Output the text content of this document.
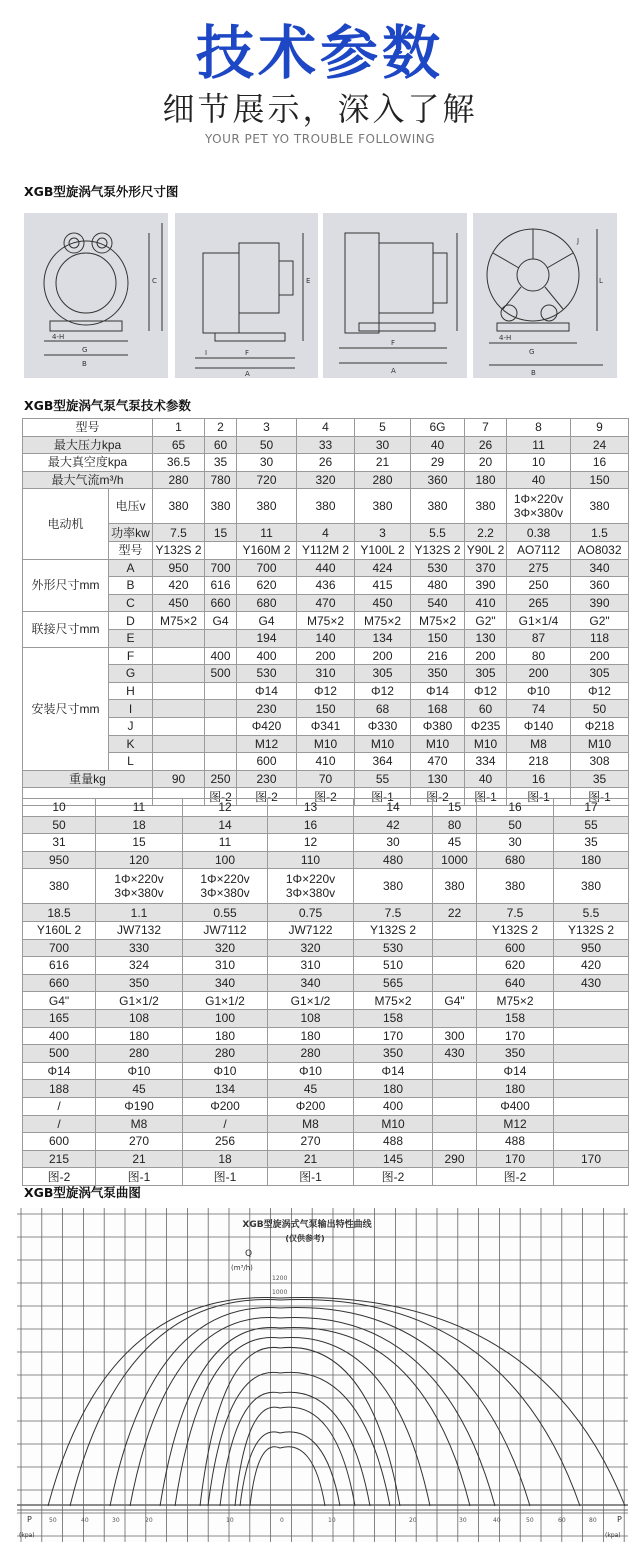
技术参数
细节展示，深入了解
YOUR PET YO TROUBLE FOLLOWING
XGB型旋涡气泵外形尺寸图
4-H
G
B
C
I	F
A
E
F
A
4-H
G
B
L
J
XGB型旋涡气泵气泵技术参数
型号		1	2	3	4	5	6G	7	8	9
最大压力kpa		65	60	50	33	30	40	26	11	24
最大真空度kpa		36.5	35	30	26	21	29	20	10	16
最大气流m³/h		280	780	720	320	280	360	180	40	150
电动机	电压v	380	380	380	380	380	380	380	1Φ×220v
3Φ×380v	380
	功率kw	7.5	15	11	4	3	5.5	2.2	0.38	1.5
	型号	Y132S 2		Y160M 2	Y112M 2	Y100L 2	Y132S 2	Y90L 2	AO7112	AO8032
外形尺寸mm	A	950	700	700	440	424	530	370	275	340
	B	420	616	620	436	415	480	390	250	360
	C	450	660	680	470	450	540	410	265	390
联接尺寸mm	D	M75×2	G4	G4	M75×2	M75×2	M75×2	G2"	G1×1/4	G2"
	E			194	140	134	150	130	87	118
安装尺寸mm	F		400	400	200	200	216	200	80	200
	G		500	530	310	305	350	305	200	305
	H			Φ14	Φ12	Φ12	Φ14	Φ12	Φ10	Φ12
	I			230	150	68	168	60	74	50
	J			Φ420	Φ341	Φ330	Φ380	Φ235	Φ140	Φ218
	K			M12	M10	M10	M10	M10	M8	M10
	L			600	410	364	470	334	218	308
重量kg		90	250	230	70	55	130	40	16	35
			图-2	图-2	图-2	图-1	图-2	图-1	图-1	图-1
10	11	12	13	14	15	16	17
50	18	14	16	42	80	50	55
31	15	11	12	30	45	30	35
950	120	100	110	480	1000	680	180
380	1Φ×220v
3Φ×380v	1Φ×220v
3Φ×380v	1Φ×220v
3Φ×380v	380	380	380	380
18.5	1.1	0.55	0.75	7.5	22	7.5	5.5
Y160L 2	JW7132	JW7112	JW7122	Y132S 2		Y132S 2	Y132S 2
700	330	320	320	530		600	950
616	324	310	310	510		620	420
660	350	340	340	565		640	430
G4"	G1×1/2	G1×1/2	G1×1/2	M75×2	G4"	M75×2	
165	108	100	108	158		158	
400	180	180	180	170	300	170	
500	280	280	280	350	430	350	
Φ14	Φ10	Φ10	Φ10	Φ14		Φ14	
188	45	134	45	180		180	
/	Φ190	Φ200	Φ200	400		Φ400	
/	M8	/	M8	M10		M12	
600	270	256	270	488		488	
215	21	18	21	145	290	170	170
图-2	图-1	图-1	图-1	图-2		图-2	
XGB型旋涡气泵曲图
XGB型旋涡式气泵输出特性曲线
(仅供参考)
Q
(m³/h)
1200
1000
P
(kpa)
P
(kpa)
50	40	30	20	10	0	10	20	30	40	50	60	80
